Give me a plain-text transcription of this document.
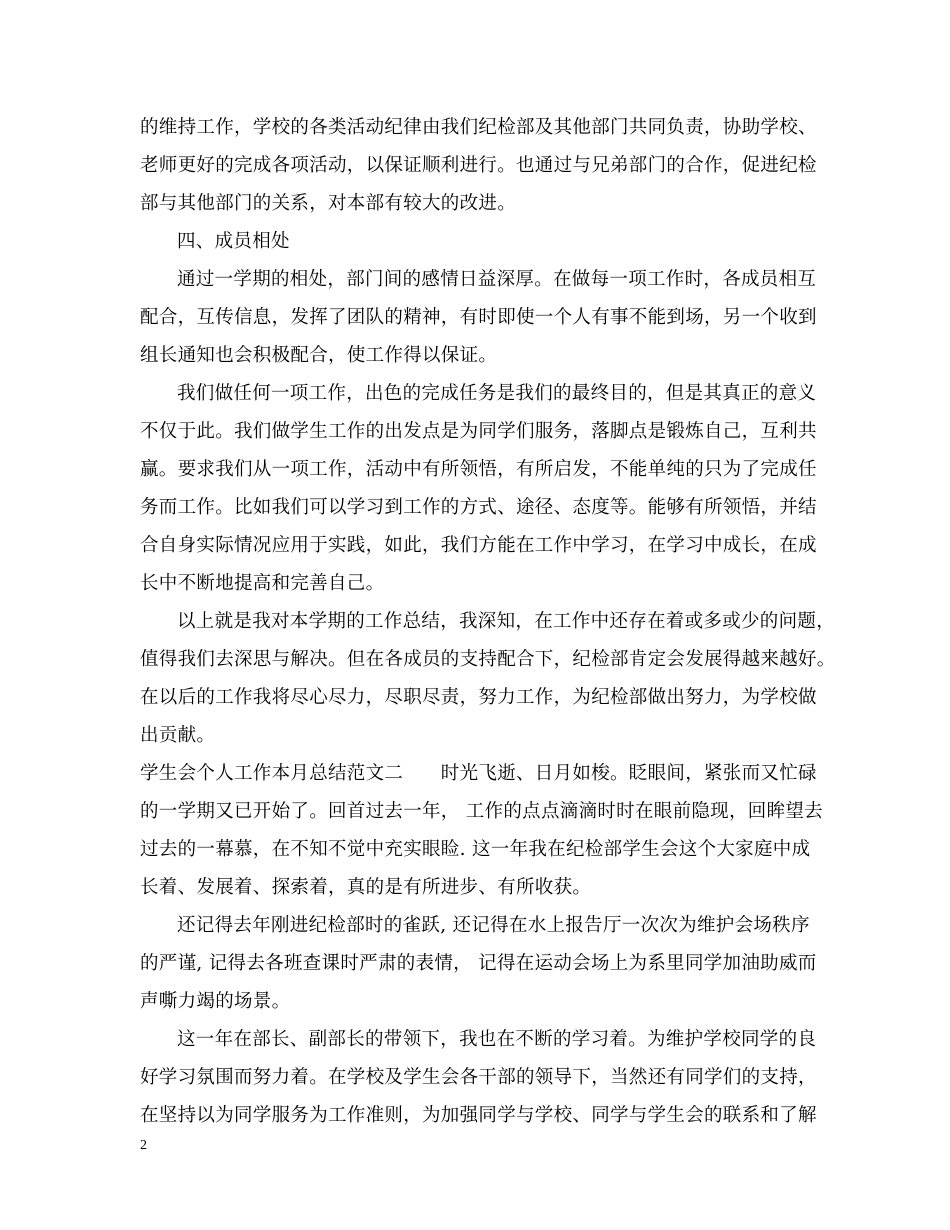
的维持工作，学校的各类活动纪律由我们纪检部及其他部门共同负责，协助学校、
老师更好的完成各项活动，以保证顺利进行。也通过与兄弟部门的合作，促进纪检
部与其他部门的关系，对本部有较大的改进。
四、成员相处
通过一学期的相处，部门间的感情日益深厚。在做每一项工作时，各成员相互
配合，互传信息，发挥了团队的精神，有时即使一个人有事不能到场，另一个收到
组长通知也会积极配合，使工作得以保证。
我们做任何一项工作，出色的完成任务是我们的最终目的，但是其真正的意义
不仅于此。我们做学生工作的出发点是为同学们服务，落脚点是锻炼自己，互利共
赢。要求我们从一项工作，活动中有所领悟，有所启发，不能单纯的只为了完成任
务而工作。比如我们可以学习到工作的方式、途径、态度等。能够有所领悟，并结
合自身实际情况应用于实践，如此，我们方能在工作中学习，在学习中成长，在成
长中不断地提高和完善自己。
以上就是我对本学期的工作总结，我深知，在工作中还存在着或多或少的问题，
值得我们去深思与解决。但在各成员的支持配合下，纪检部肯定会发展得越来越好。
在以后的工作我将尽心尽力，尽职尽责，努力工作，为纪检部做出努力，为学校做
出贡献。
学生会个人工作本月总结范文二　　时光飞逝、日月如梭。眨眼间，紧张而又忙碌
的一学期又已开始了。回首过去一年， 工作的点点滴滴时时在眼前隐现，回眸望去
过去的一幕慕，在不知不觉中充实眼睑. 这一年我在纪检部学生会这个大家庭中成
长着、发展着、探索着，真的是有所进步、有所收获。
还记得去年刚进纪检部时的雀跃, 还记得在水上报告厅一次次为维护会场秩序
的严谨, 记得去各班查课时严肃的表情， 记得在运动会场上为系里同学加油助威而
声嘶力竭的场景。
这一年在部长、副部长的带领下，我也在不断的学习着。为维护学校同学的良
好学习氛围而努力着。在学校及学生会各干部的领导下，当然还有同学们的支持，
在坚持以为同学服务为工作准则，为加强同学与学校、同学与学生会的联系和了解
2
